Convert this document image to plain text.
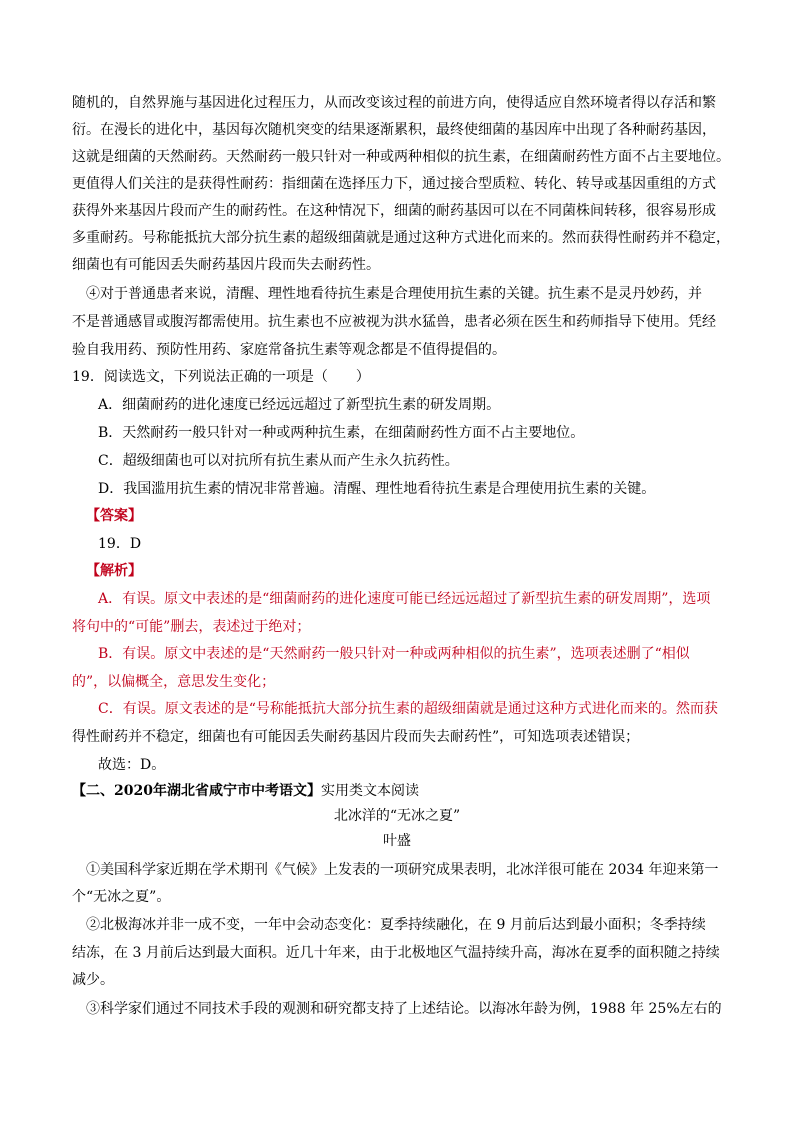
随机的，自然界施与基因进化过程压力，从而改变该过程的前进方向，使得适应自然环境者得以存活和繁
衍。在漫长的进化中，基因每次随机突变的结果逐渐累积，最终使细菌的基因库中出现了各种耐药基因，
这就是细菌的天然耐药。天然耐药一般只针对一种或两种相似的抗生素，在细菌耐药性方面不占主要地位。
更值得人们关注的是获得性耐药：指细菌在选择压力下，通过接合型质粒、转化、转导或基因重组的方式
获得外来基因片段而产生的耐药性。在这种情况下，细菌的耐药基因可以在不同菌株间转移，很容易形成
多重耐药。号称能抵抗大部分抗生素的超级细菌就是通过这种方式进化而来的。然而获得性耐药并不稳定，
细菌也有可能因丢失耐药基因片段而失去耐药性。
④对于普通患者来说，清醒、理性地看待抗生素是合理使用抗生素的关键。抗生素不是灵丹妙药，并
不是普通感冒或腹泻都需使用。抗生素也不应被视为洪水猛兽，患者必须在医生和药师指导下使用。凭经
验自我用药、预防性用药、家庭常备抗生素等观念都是不值得提倡的。
19．阅读选文，下列说法正确的一项是（　　）
A．细菌耐药的进化速度已经远远超过了新型抗生素的研发周期。
B．天然耐药一般只针对一种或两种抗生素，在细菌耐药性方面不占主要地位。
C．超级细菌也可以对抗所有抗生素从而产生永久抗药性。
D．我国滥用抗生素的情况非常普遍。清醒、理性地看待抗生素是合理使用抗生素的关键。
【答案】
19．D
【解析】
A．有误。原文中表述的是“细菌耐药的进化速度可能已经远远超过了新型抗生素的研发周期”，选项
将句中的“可能”删去，表述过于绝对；
B．有误。原文中表述的是“天然耐药一般只针对一种或两种相似的抗生素”，选项表述删了“相似
的”，以偏概全，意思发生变化；
C．有误。原文表述的是“号称能抵抗大部分抗生素的超级细菌就是通过这种方式进化而来的。然而获
得性耐药并不稳定，细菌也有可能因丢失耐药基因片段而失去耐药性”，可知选项表述错误；
故选：D。
【二、2020年湖北省咸宁市中考语文】实用类文本阅读
北冰洋的“无冰之夏”
叶盛
①美国科学家近期在学术期刊《气候》上发表的一项研究成果表明，北冰洋很可能在 2034 年迎来第一
个“无冰之夏”。
②北极海冰并非一成不变，一年中会动态变化：夏季持续融化，在 9 月前后达到最小面积；冬季持续
结冻，在 3 月前后达到最大面积。近几十年来，由于北极地区气温持续升高，海冰在夏季的面积随之持续
减少。
③科学家们通过不同技术手段的观测和研究都支持了上述结论。以海冰年龄为例，1988 年 25%左右的
